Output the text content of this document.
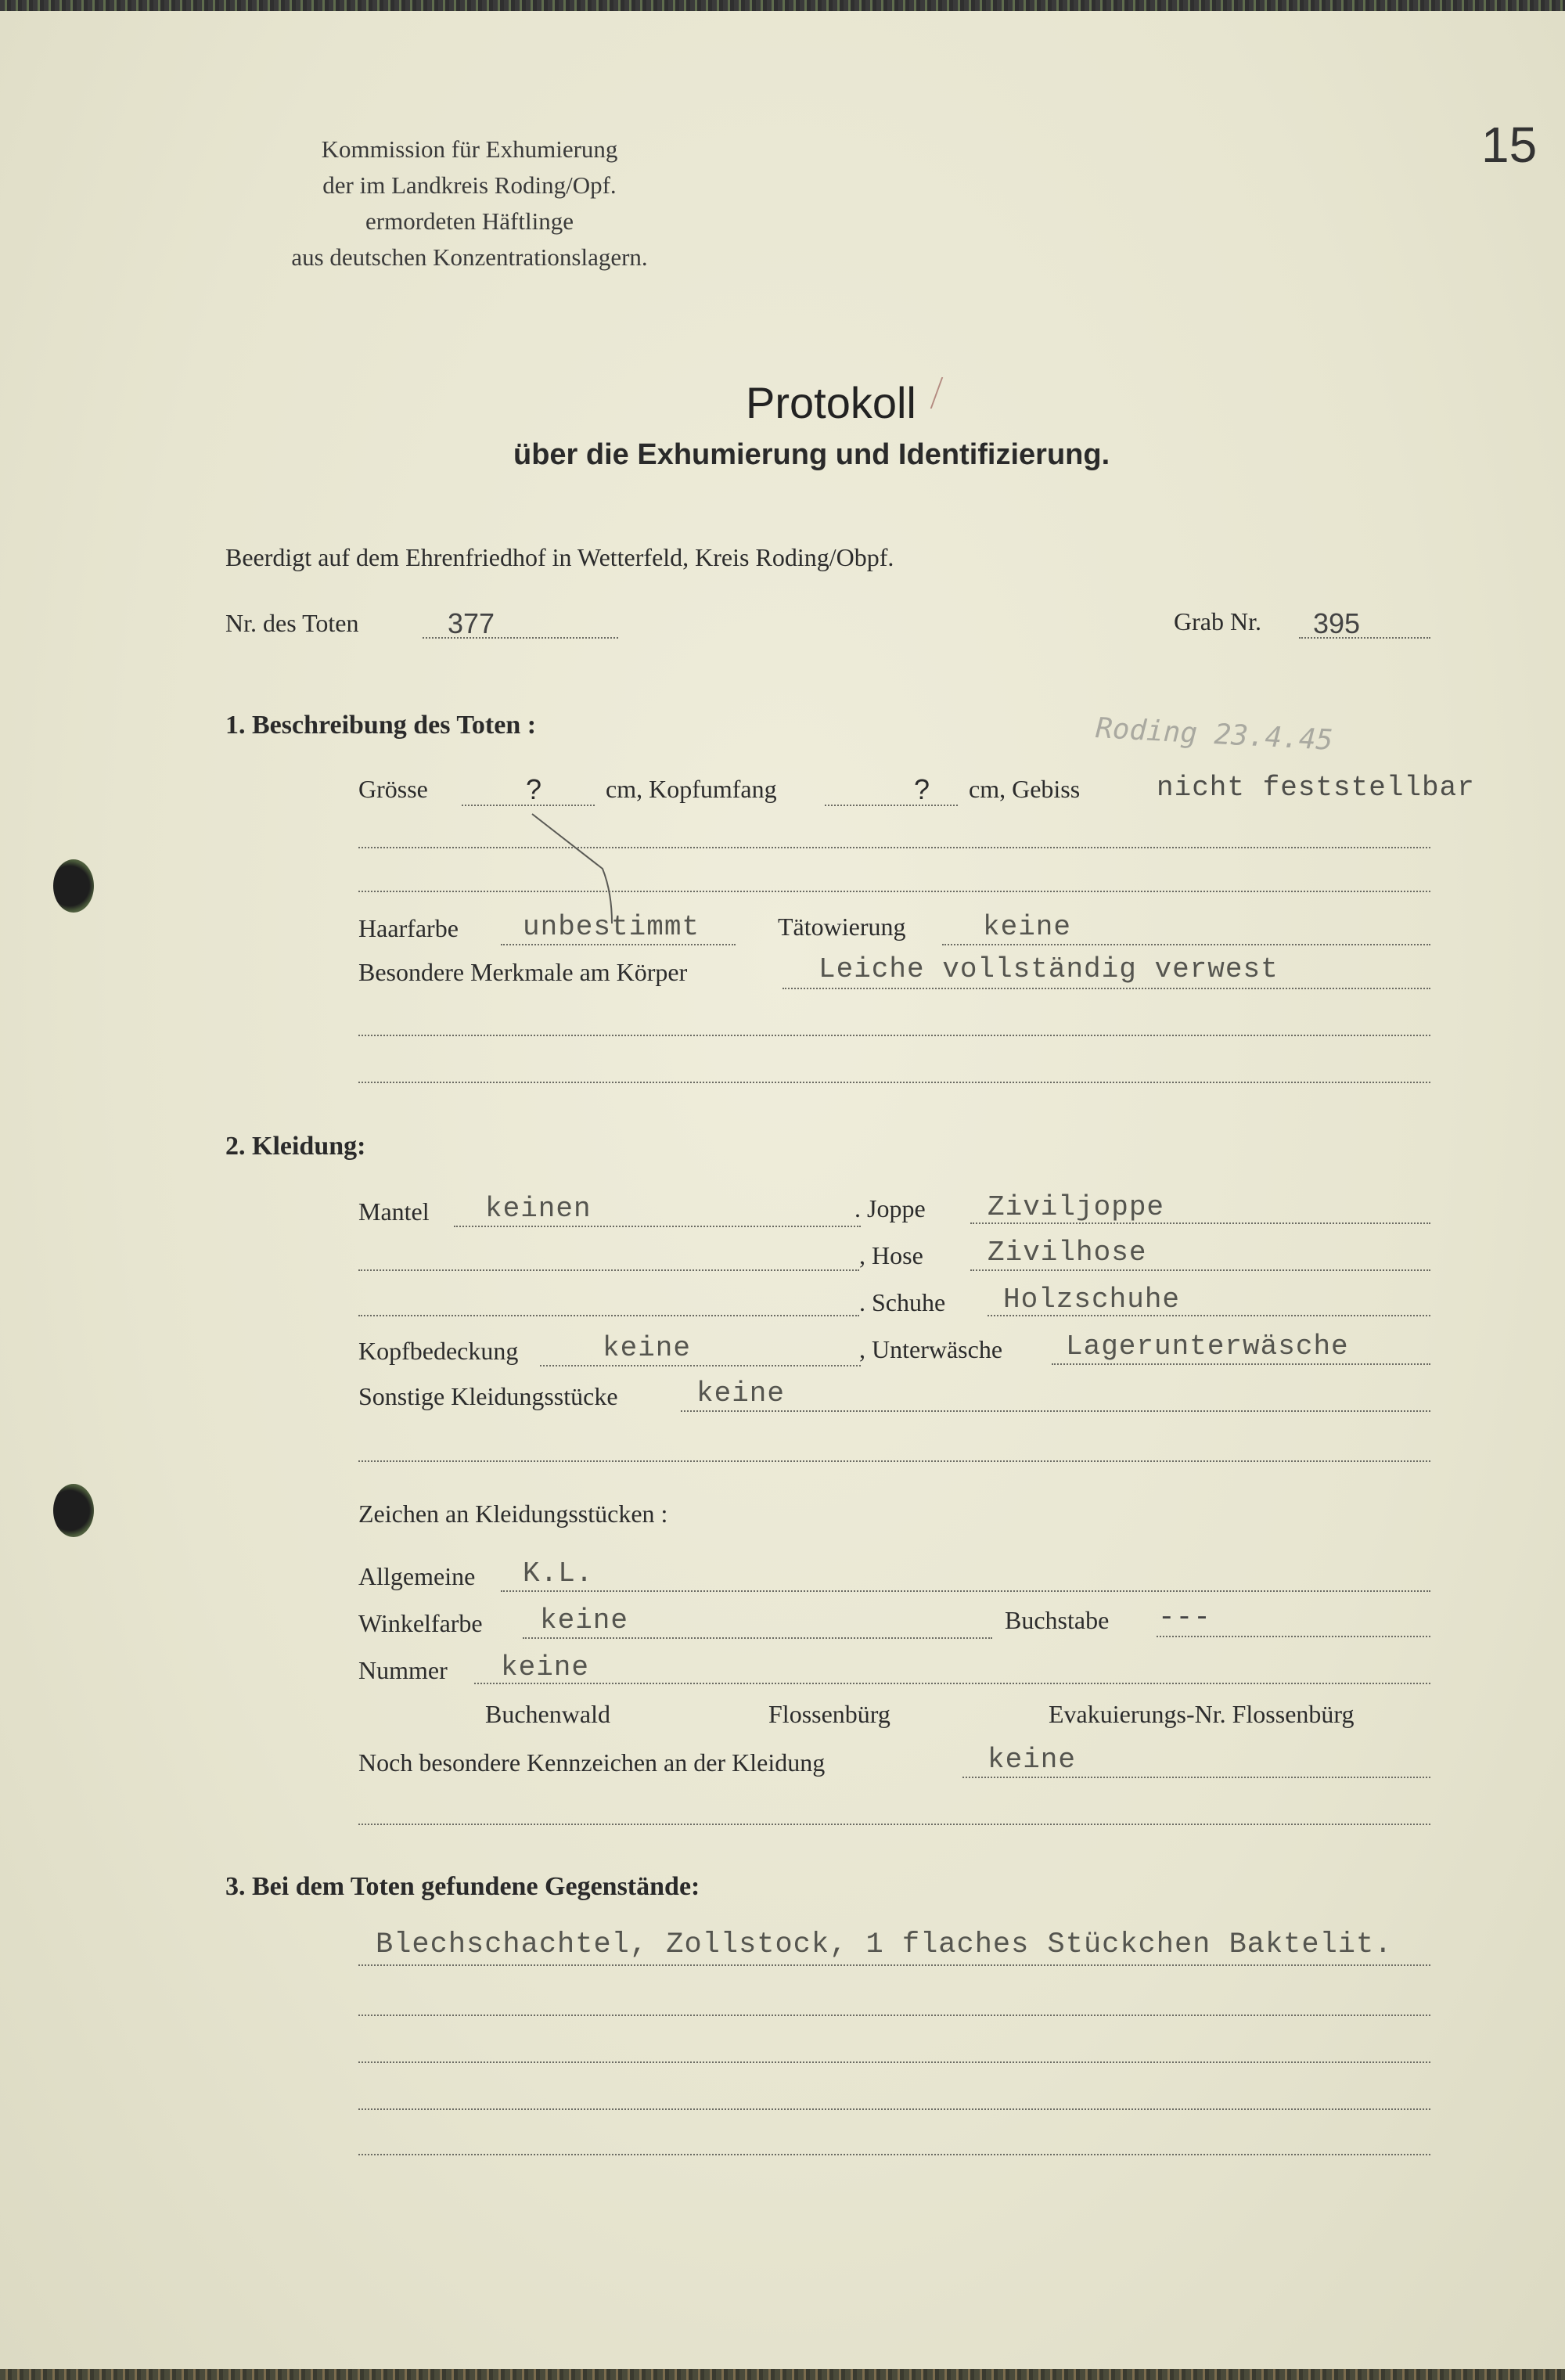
Kommission für Exhumierung
der im Landkreis Roding/Opf.
ermordeten Häftlinge
aus deutschen Konzentrationslagern.
15
Protokoll
über die Exhumierung und Identifizierung.
Beerdigt auf dem Ehrenfriedhof in Wetterfeld, Kreis Roding/Obpf.
Nr. des Toten	377	Grab Nr. 395
Roding 23.4.45
1. Beschreibung des Toten :
Grösse	?	cm, Kopfumfang	? cm, Gebiss	nicht feststellbar
Haarfarbe unbestimmt	Tätowierung	keine
Besondere Merkmale am Körper	Leiche vollständig verwest
2. Kleidung:
Mantel keinen	. Joppe Ziviljoppe
, Hose Zivilhose
. Schuhe Holzschuhe
Kopfbedeckung	keine	, Unterwäsche Lagerunterwäsche
Sonstige Kleidungsstücke	keine
Zeichen an Kleidungsstücken :
Allgemeine K.L.
Winkelfarbe keine	Buchstabe ---
Nummer keine
Buchenwald	Flossenbürg	Evakuierungs-Nr. Flossenbürg
Noch besondere Kennzeichen an der Kleidung	keine
3. Bei dem Toten gefundene Gegenstände:
Blechschachtel, Zollstock, 1 flaches Stückchen Baktelit.
